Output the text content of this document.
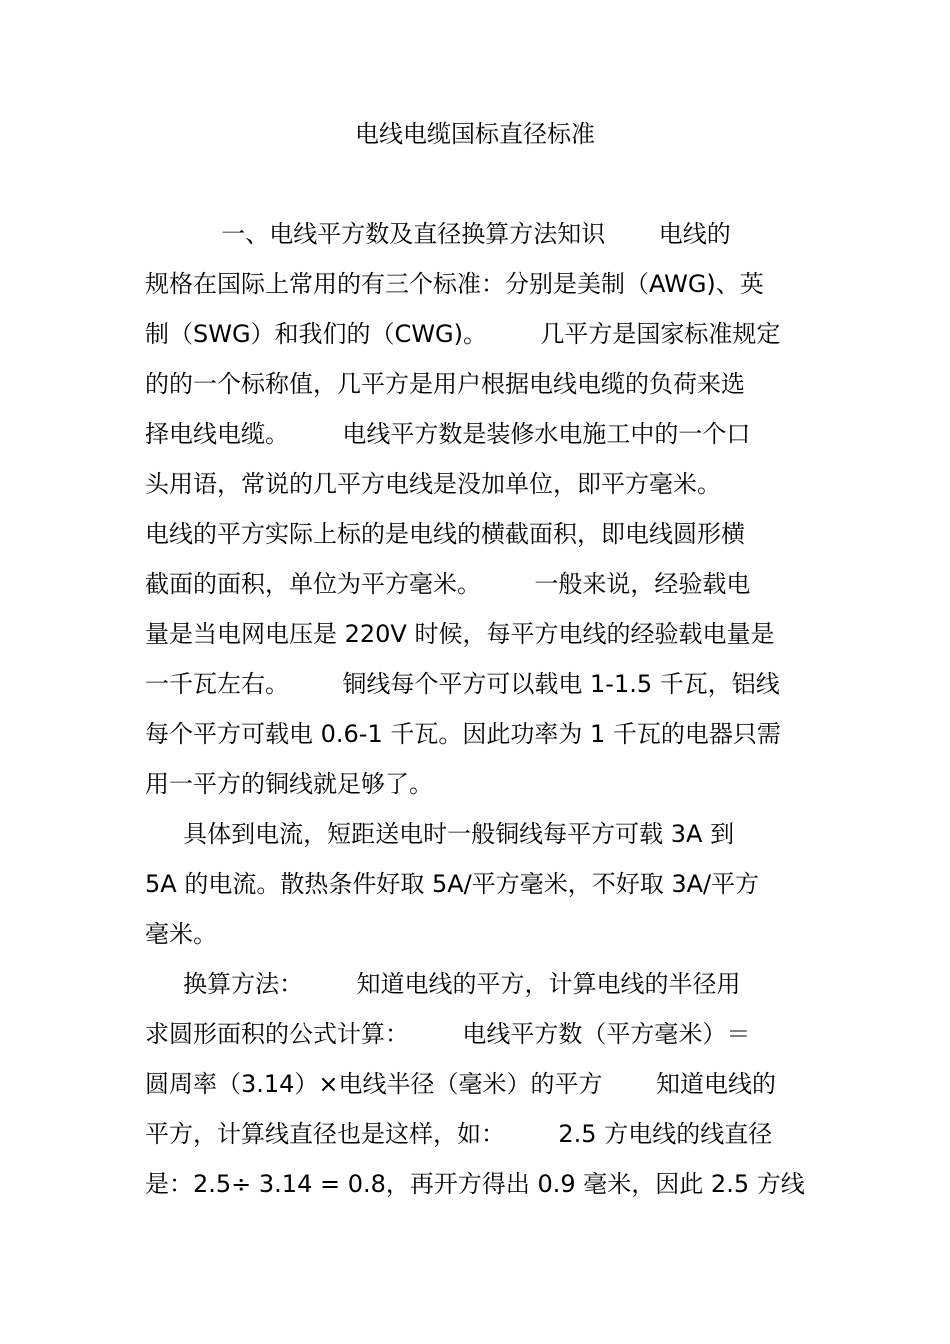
电线电缆国标直径标准
一、电线平方数及直径换算方法知识       电线的
规格在国际上常用的有三个标准：分别是美制（AWG)、英
制（SWG）和我们的（CWG)。       几平方是国家标准规定
的的一个标称值，几平方是用户根据电线电缆的负荷来选
择电线电缆。       电线平方数是装修水电施工中的一个口
头用语，常说的几平方电线是没加单位，即平方毫米。
电线的平方实际上标的是电线的横截面积，即电线圆形横
截面的面积，单位为平方毫米。       一般来说，经验载电
量是当电网电压是 220V 时候，每平方电线的经验载电量是
一千瓦左右。       铜线每个平方可以载电 1-1.5 千瓦，铝线
每个平方可载电 0.6-1 千瓦。因此功率为 1 千瓦的电器只需
用一平方的铜线就足够了。
具体到电流，短距送电时一般铜线每平方可载 3A 到
5A 的电流。散热条件好取 5A/平方毫米，不好取 3A/平方
毫米。
换算方法：       知道电线的平方，计算电线的半径用
求圆形面积的公式计算：       电线平方数（平方毫米）＝
圆周率（3.14）×电线半径（毫米）的平方       知道电线的
平方，计算线直径也是这样，如：       2.5 方电线的线直径
是：2.5÷ 3.14 = 0.8，再开方得出 0.9 毫米，因此 2.5 方线
